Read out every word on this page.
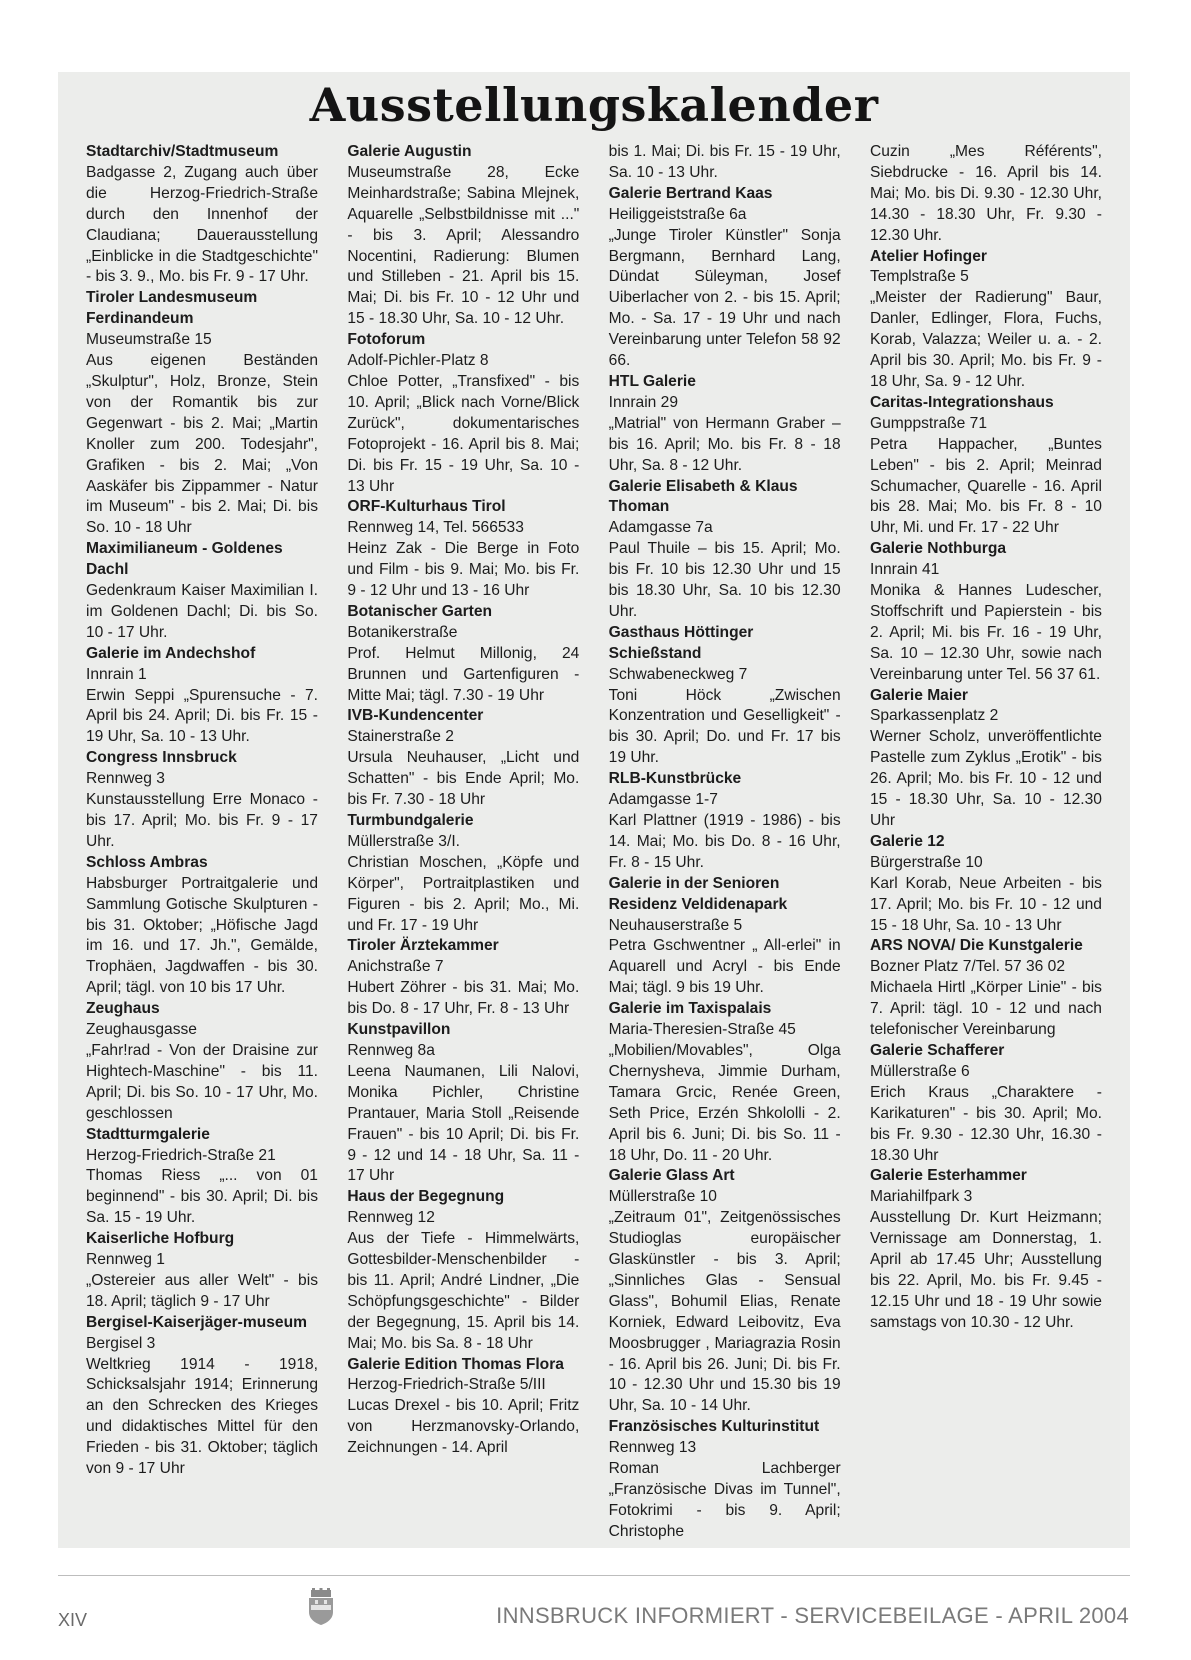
Ausstellungskalender
Stadtarchiv/Stadtmuseum
Badgasse 2, Zugang auch über die Herzog-Friedrich-Straße durch den Innenhof der Claudiana; Dauerausstellung „Einblicke in die Stadtgeschichte" - bis 3. 9., Mo. bis Fr. 9 - 17 Uhr.
Tiroler Landesmuseum Ferdinandeum
Museumstraße 15
Aus eigenen Beständen „Skulptur", Holz, Bronze, Stein von der Romantik bis zur Gegenwart - bis 2. Mai; „Martin Knoller zum 200. Todesjahr", Grafiken - bis 2. Mai; „Von Aaskäfer bis Zippammer - Natur im Museum" - bis 2. Mai; Di. bis So. 10 - 18 Uhr
Maximilianeum - Goldenes Dachl
Gedenkraum Kaiser Maximilian I. im Goldenen Dachl; Di. bis So. 10 - 17 Uhr.
Galerie im Andechshof
Innrain 1
Erwin Seppi „Spurensuche - 7. April bis 24. April; Di. bis Fr. 15 - 19 Uhr, Sa. 10 - 13 Uhr.
Congress Innsbruck
Rennweg 3
Kunstausstellung Erre Monaco - bis 17. April; Mo. bis Fr. 9 - 17 Uhr.
Schloss Ambras
Habsburger Portraitgalerie und Sammlung Gotische Skulpturen - bis 31. Oktober; „Höfische Jagd im 16. und 17. Jh.", Gemälde, Trophäen, Jagdwaffen - bis 30. April; tägl. von 10 bis 17 Uhr.
Zeughaus
Zeughausgasse
„Fahr!rad - Von der Draisine zur Hightech-Maschine" - bis 11. April; Di. bis So. 10 - 17 Uhr, Mo. geschlossen
Stadtturmgalerie
Herzog-Friedrich-Straße 21
Thomas Riess „... von 01 beginnend" - bis 30. April; Di. bis Sa. 15 - 19 Uhr.
Kaiserliche Hofburg
Rennweg 1
„Ostereier aus aller Welt" - bis 18. April; täglich 9 - 17 Uhr
Bergisel-Kaiserjäger-museum
Bergisel 3
Weltkrieg 1914 - 1918, Schicksalsjahr 1914; Erinnerung an den Schrecken des Krieges und didaktisches Mittel für den Frieden - bis 31. Oktober; täglich von 9 - 17 Uhr
Galerie Augustin
Museumstraße 28, Ecke Meinhardstraße; Sabina Mlejnek, Aquarelle „Selbstbildnisse mit ..." - bis 3. April; Alessandro Nocentini, Radierung: Blumen und Stilleben - 21. April bis 15. Mai; Di. bis Fr. 10 - 12 Uhr und 15 - 18.30 Uhr, Sa. 10 - 12 Uhr.
Fotoforum
Adolf-Pichler-Platz 8
Chloe Potter, „Transfixed" - bis 10. April; „Blick nach Vorne/Blick Zurück", dokumentarisches Fotoprojekt - 16. April bis 8. Mai; Di. bis Fr. 15 - 19 Uhr, Sa. 10 - 13 Uhr
ORF-Kulturhaus Tirol
Rennweg 14, Tel. 566533
Heinz Zak - Die Berge in Foto und Film - bis 9. Mai; Mo. bis Fr. 9 - 12 Uhr und 13 - 16 Uhr
Botanischer Garten
Botanikerstraße
Prof. Helmut Millonig, 24 Brunnen und Gartenfiguren - Mitte Mai; tägl. 7.30 - 19 Uhr
IVB-Kundencenter
Stainerstraße 2
Ursula Neuhauser, „Licht und Schatten" - bis Ende April; Mo. bis Fr. 7.30 - 18 Uhr
Turmbundgalerie
Müllerstraße 3/I.
Christian Moschen, „Köpfe und Körper", Portraitplastiken und Figuren - bis 2. April; Mo., Mi. und Fr. 17 - 19 Uhr
Tiroler Ärztekammer
Anichstraße 7
Hubert Zöhrer - bis 31. Mai; Mo. bis Do. 8 - 17 Uhr, Fr. 8 - 13 Uhr
Kunstpavillon
Rennweg 8a
Leena Naumanen, Lili Nalovi, Monika Pichler, Christine Prantauer, Maria Stoll „Reisende Frauen" - bis 10 April; Di. bis Fr. 9 - 12 und 14 - 18 Uhr, Sa. 11 - 17 Uhr
Haus der Begegnung
Rennweg 12
Aus der Tiefe - Himmelwärts, Gottesbilder-Menschenbilder - bis 11. April; André Lindner, „Die Schöpfungsgeschichte" - Bilder der Begegnung, 15. April bis 14. Mai; Mo. bis Sa. 8 - 18 Uhr
Galerie Edition Thomas Flora
Herzog-Friedrich-Straße 5/III
Lucas Drexel - bis 10. April; Fritz von Herzmanovsky-Orlando, Zeichnungen - 14. April
bis 1. Mai; Di. bis Fr. 15 - 19 Uhr, Sa. 10 - 13 Uhr.
Galerie Bertrand Kaas
Heiliggeiststraße 6a
„Junge Tiroler Künstler" Sonja Bergmann, Bernhard Lang, Dündat Süleyman, Josef Uiberlacher von 2. - bis 15. April; Mo. - Sa. 17 - 19 Uhr und nach Vereinbarung unter Telefon 58 92 66.
HTL Galerie
Innrain 29
„Matrial" von Hermann Graber – bis 16. April; Mo. bis Fr. 8 - 18 Uhr, Sa. 8 - 12 Uhr.
Galerie Elisabeth & Klaus Thoman
Adamgasse 7a
Paul Thuile – bis 15. April; Mo. bis Fr. 10 bis 12.30 Uhr und 15 bis 18.30 Uhr, Sa. 10 bis 12.30 Uhr.
Gasthaus Höttinger Schießstand
Schwabeneckweg 7
Toni Höck „Zwischen Konzentration und Geselligkeit" - bis 30. April; Do. und Fr. 17 bis 19 Uhr.
RLB-Kunstbrücke
Adamgasse 1-7
Karl Plattner (1919 - 1986) - bis 14. Mai; Mo. bis Do. 8 - 16 Uhr, Fr. 8 - 15 Uhr.
Galerie in der Senioren Residenz Veldidenapark
Neuhauserstraße 5
Petra Gschwentner „ All-erlei" in Aquarell und Acryl - bis Ende Mai; tägl. 9 bis 19 Uhr.
Galerie im Taxispalais
Maria-Theresien-Straße 45
„Mobilien/Movables", Olga Chernysheva, Jimmie Durham, Tamara Grcic, Renée Green, Seth Price, Erzén Shkololli - 2. April bis 6. Juni; Di. bis So. 11 - 18 Uhr, Do. 11 - 20 Uhr.
Galerie Glass Art
Müllerstraße 10
„Zeitraum 01", Zeitgenössisches Studioglas europäischer Glaskünstler - bis 3. April; „Sinnliches Glas - Sensual Glass", Bohumil Elias, Renate Korniek, Edward Leibovitz, Eva Moosbrugger , Mariagrazia Rosin - 16. April bis 26. Juni; Di. bis Fr. 10 - 12.30 Uhr und 15.30 bis 19 Uhr, Sa. 10 - 14 Uhr.
Französisches Kulturinstitut
Rennweg 13
Roman Lachberger „Französische Divas im Tunnel", Fotokrimi - bis 9. April; Christophe
Cuzin „Mes Référents", Siebdrucke - 16. April bis 14. Mai; Mo. bis Di. 9.30 - 12.30 Uhr, 14.30 - 18.30 Uhr, Fr. 9.30 - 12.30 Uhr.
Atelier Hofinger
Templstraße 5
„Meister der Radierung" Baur, Danler, Edlinger, Flora, Fuchs, Korab, Valazza; Weiler u. a. - 2. April bis 30. April; Mo. bis Fr. 9 - 18 Uhr, Sa. 9 - 12 Uhr.
Caritas-Integrationshaus
Gumppstraße 71
Petra Happacher, „Buntes Leben" - bis 2. April; Meinrad Schumacher, Quarelle - 16. April bis 28. Mai; Mo. bis Fr. 8 - 10 Uhr, Mi. und Fr. 17 - 22 Uhr
Galerie Nothburga
Innrain 41
Monika & Hannes Ludescher, Stoffschrift und Papierstein - bis 2. April; Mi. bis Fr. 16 - 19 Uhr, Sa. 10 – 12.30 Uhr, sowie nach Vereinbarung unter Tel. 56 37 61.
Galerie Maier
Sparkassenplatz 2
Werner Scholz, unveröffentlichte Pastelle zum Zyklus „Erotik" - bis 26. April; Mo. bis Fr. 10 - 12 und 15 - 18.30 Uhr, Sa. 10 - 12.30 Uhr
Galerie 12
Bürgerstraße 10
Karl Korab, Neue Arbeiten - bis 17. April; Mo. bis Fr. 10 - 12 und 15 - 18 Uhr, Sa. 10 - 13 Uhr
ARS NOVA/ Die Kunstgalerie
Bozner Platz 7/Tel. 57 36 02
Michaela Hirtl „Körper Linie" - bis 7. April: tägl. 10 - 12 und nach telefonischer Vereinbarung
Galerie Schafferer
Müllerstraße 6
Erich Kraus „Charaktere - Karikaturen" - bis 30. April; Mo. bis Fr. 9.30 - 12.30 Uhr, 16.30 - 18.30 Uhr
Galerie Esterhammer
Mariahilfpark 3
Ausstellung Dr. Kurt Heizmann; Vernissage am Donnerstag, 1. April ab 17.45 Uhr; Ausstellung bis 22. April, Mo. bis Fr. 9.45 - 12.15 Uhr und 18 - 19 Uhr sowie samstags von 10.30 - 12 Uhr.
XIV	INNSBRUCK INFORMIERT - SERVICEBEILAGE - APRIL 2004
